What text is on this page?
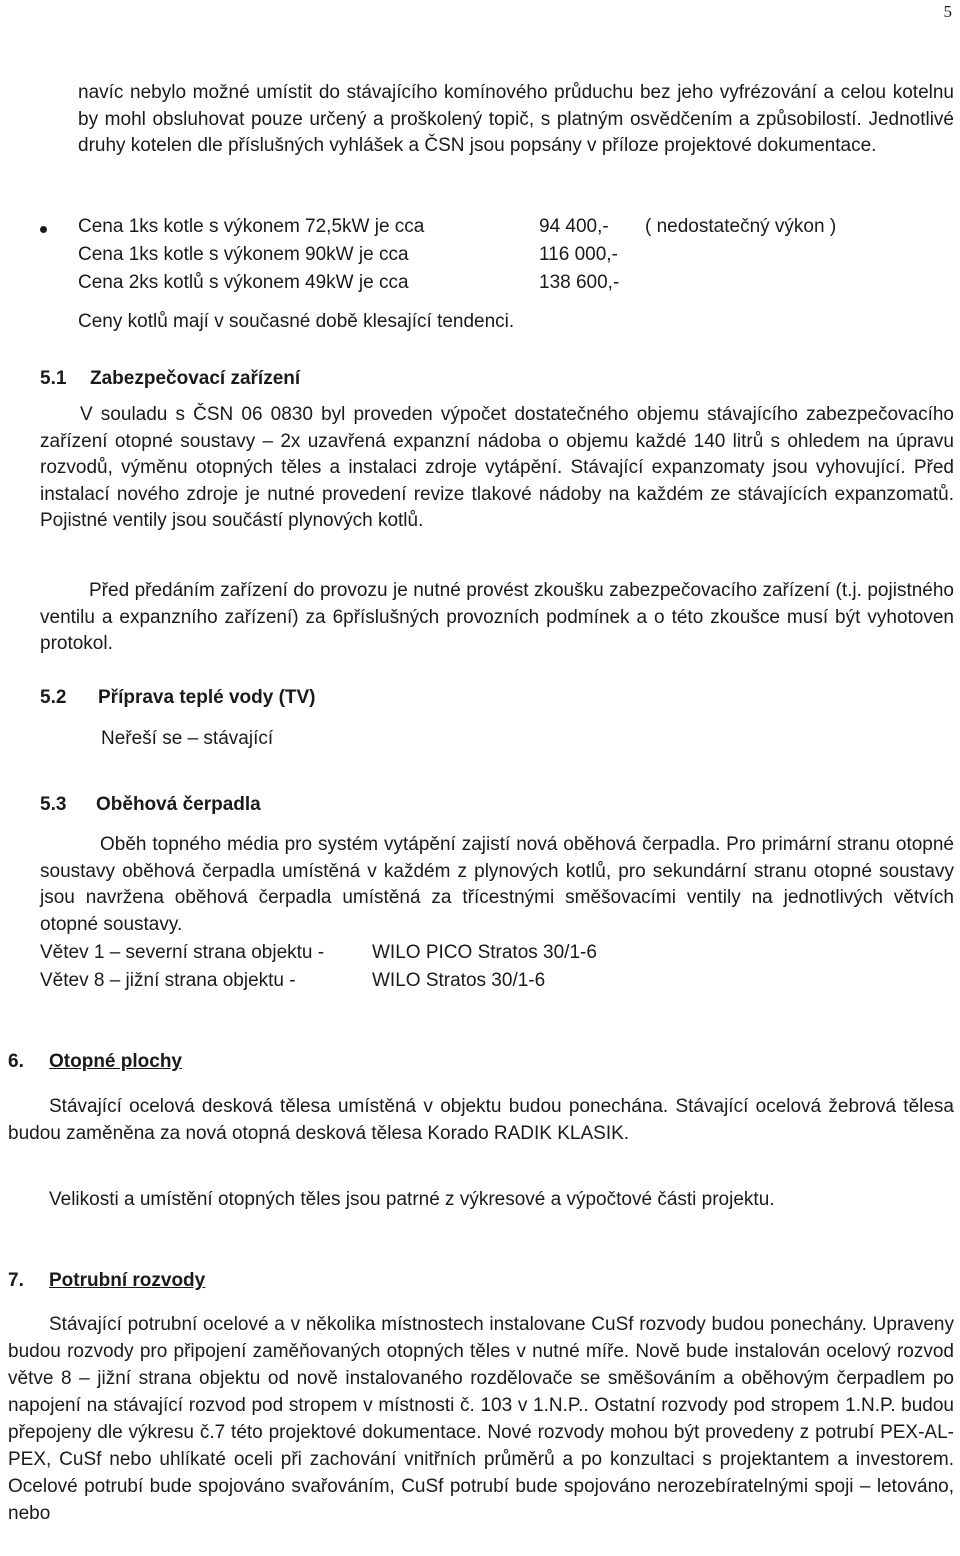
5
navíc nebylo možné umístit do stávajícího komínového průduchu bez jeho vyfrézování a celou kotelnu by mohl obsluhovat pouze určený a proškolený topič, s platným osvědčením a způsobilostí. Jednotlivé druhy kotelen dle příslušných vyhlášek a ČSN jsou popsány v příloze projektové dokumentace.
Cena 1ks kotle s výkonem 72,5kW je cca	94 400,- ( nedostatečný výkon )
Cena 1ks kotle s výkonem 90kW je cca	116 000,-
Cena 2ks kotlů s výkonem 49kW je cca	138 600,-
Ceny kotlů mají v současné době klesající tendenci.
5.1 Zabezpečovací zařízení
V souladu s ČSN 06 0830 byl proveden výpočet dostatečného objemu stávajícího zabezpečovacího zařízení otopné soustavy – 2x uzavřená expanzní nádoba o objemu každé 140 litrů s ohledem na úpravu rozvodů, výměnu otopných těles a instalaci zdroje vytápění. Stávající expanzomaty jsou vyhovující. Před instalací nového zdroje je nutné provedení revize tlakové nádoby na každém ze stávajících expanzomatů. Pojistné ventily jsou součástí plynových kotlů.
Před předáním zařízení do provozu je nutné provést zkoušku zabezpečovacího zařízení (t.j. pojistného ventilu a expanzního zařízení) za 6příslušných provozních podmínek a o této zkoušce musí být vyhotoven protokol.
5.2 Příprava teplé vody (TV)
Neřeší se – stávající
5.3 Oběhová čerpadla
Oběh topného média pro systém vytápění zajistí nová oběhová čerpadla. Pro primární stranu otopné soustavy oběhová čerpadla umístěná v každém z plynových kotlů, pro sekundární stranu otopné soustavy jsou navržena oběhová čerpadla umístěná za třícestnými směšovacími ventily na jednotlivých větvích otopné soustavy.
Větev 1 – severní strana objektu -	WILO PICO Stratos 30/1-6
Větev 8 – jižní strana objektu -	WILO Stratos 30/1-6
6. Otopné plochy
Stávající ocelová desková tělesa umístěná v objektu budou ponechána. Stávající ocelová žebrová tělesa budou zaměněna za nová otopná desková tělesa Korado RADIK KLASIK.
Velikosti a umístění otopných těles jsou patrné z výkresové a výpočtové části projektu.
7. Potrubní rozvody
Stávající potrubní ocelové a v několika místnostech instalovane CuSf rozvody budou ponechány. Upraveny budou rozvody pro připojení zaměňovaných otopných těles v nutné míře. Nově bude instalován ocelový rozvod větve 8 – jižní strana objektu od nově instalovaného rozdělovače se směšováním a oběhovým čerpadlem po napojení na stávající rozvod pod stropem v místnosti č. 103 v 1.N.P.. Ostatní rozvody pod stropem 1.N.P. budou přepojeny dle výkresu č.7 této projektové dokumentace. Nové rozvody mohou být provedeny z potrubí PEX-AL-PEX, CuSf nebo uhlíkaté oceli při zachování vnitřních průměrů a po konzultaci s projektantem a investorem. Ocelové potrubí bude spojováno svařováním, CuSf potrubí bude spojováno nerozebíratelnými spoji – letováno, nebo
